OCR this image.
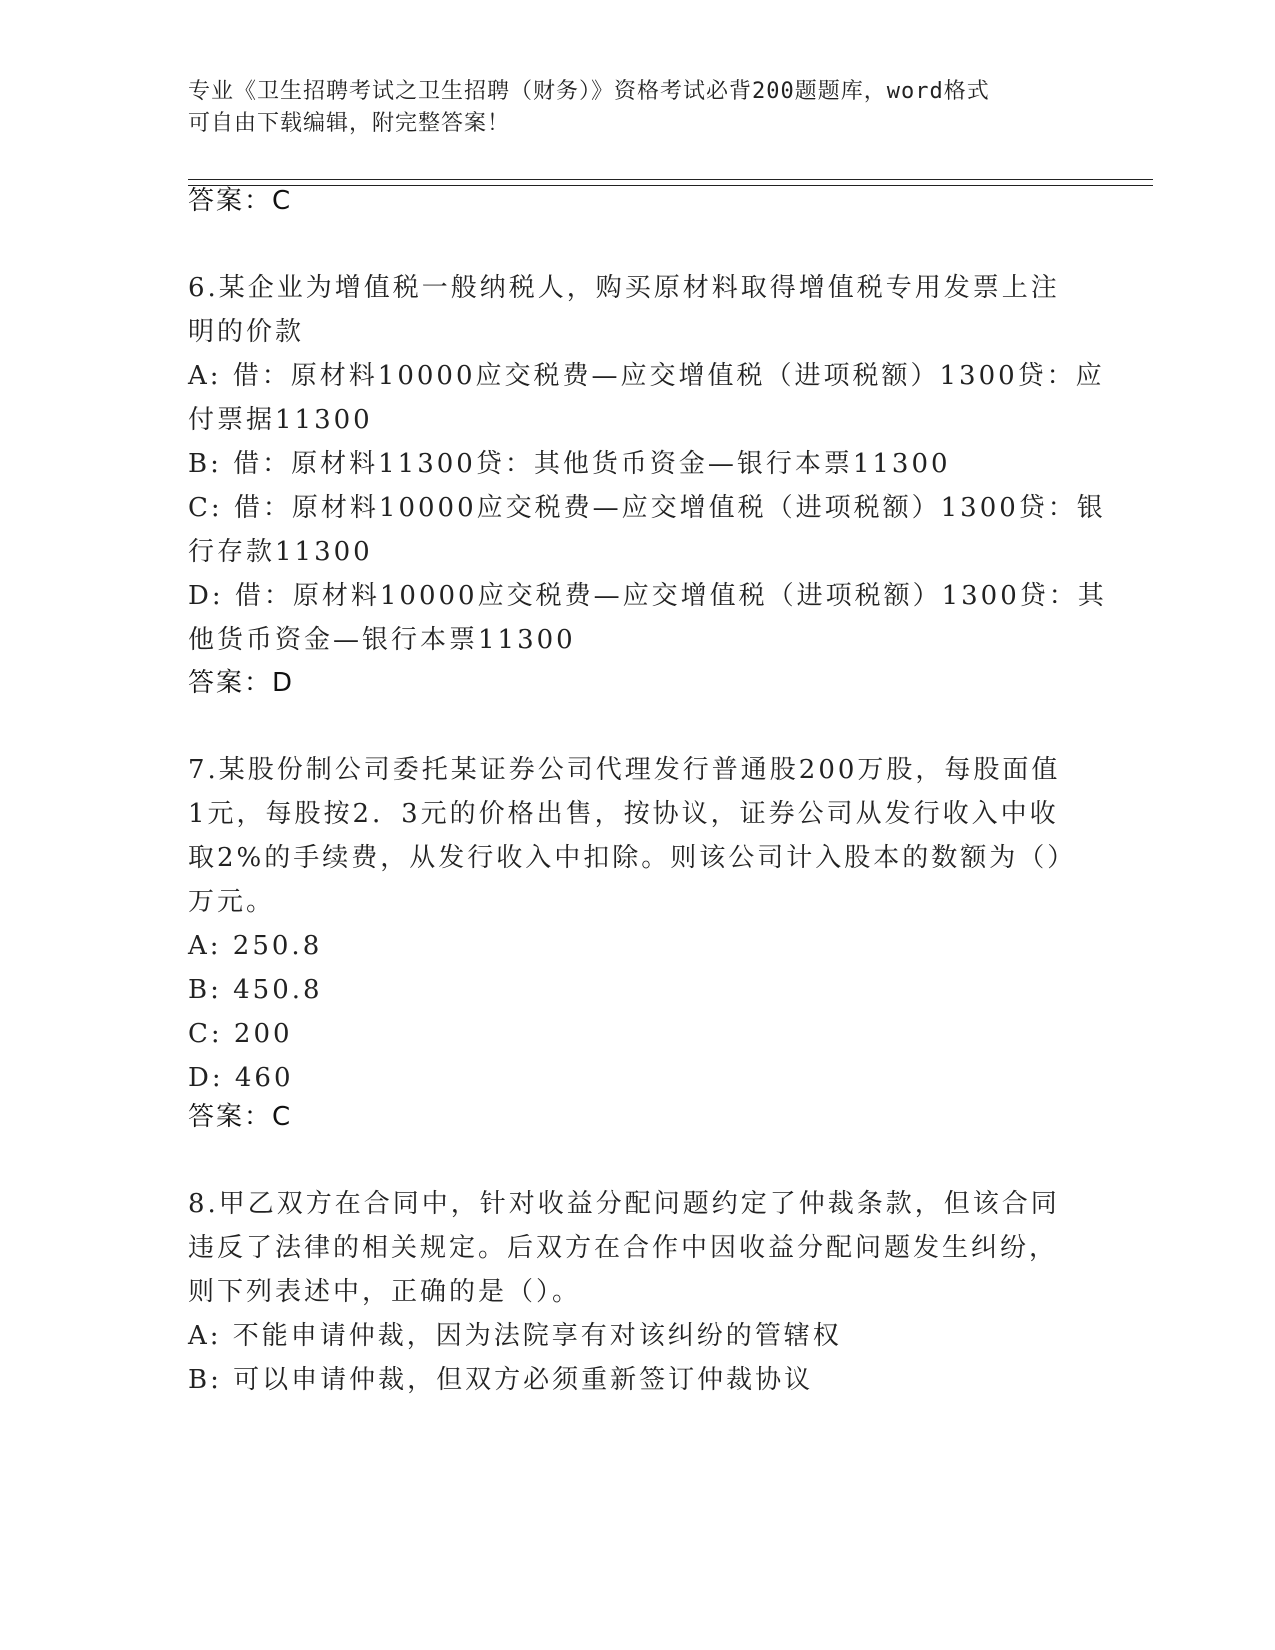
专业《卫生招聘考试之卫生招聘（财务）》资格考试必背200题题库，word格式
可自由下载编辑，附完整答案！
答案：C
6.某企业为增值税一般纳税人，购买原材料取得增值税专用发票上注
明的价款
A: 借：原材料10000应交税费—应交增值税（进项税额）1300贷：应
付票据11300
B: 借：原材料11300贷：其他货币资金—银行本票11300
C: 借：原材料10000应交税费—应交增值税（进项税额）1300贷：银
行存款11300
D: 借：原材料10000应交税费—应交增值税（进项税额）1300贷：其
他货币资金—银行本票11300
答案：D
7.某股份制公司委托某证券公司代理发行普通股200万股，每股面值
1元，每股按2．3元的价格出售，按协议，证券公司从发行收入中收
取2%的手续费，从发行收入中扣除。则该公司计入股本的数额为（）
万元。
A: 250.8
B: 450.8
C: 200
D: 460
答案：C
8.甲乙双方在合同中，针对收益分配问题约定了仲裁条款，但该合同
违反了法律的相关规定。后双方在合作中因收益分配问题发生纠纷，
则下列表述中，正确的是（）。
A: 不能申请仲裁，因为法院享有对该纠纷的管辖权
B: 可以申请仲裁，但双方必须重新签订仲裁协议
